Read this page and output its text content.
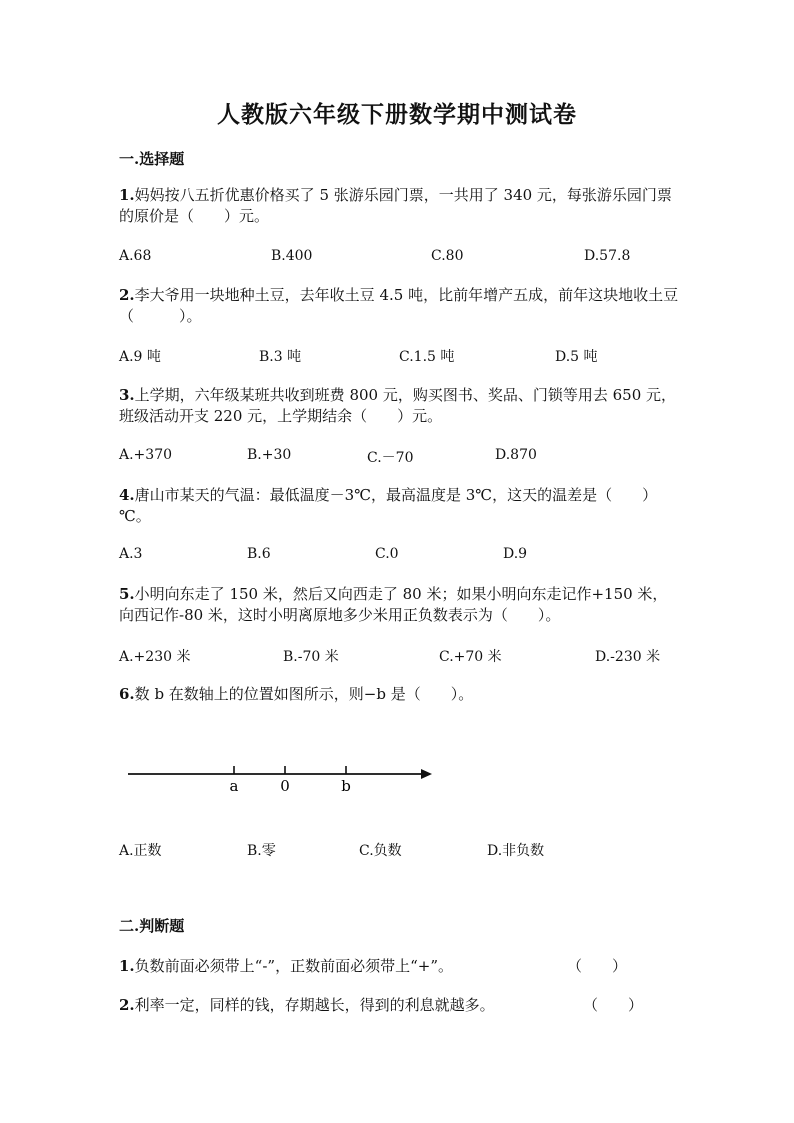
人教版六年级下册数学期中测试卷
一.选择题
1.妈妈按八五折优惠价格买了 5 张游乐园门票，一共用了 340 元，每张游乐园门票的原价是（　　）元。
A.68	B.400	C.80	D.57.8
2.李大爷用一块地种土豆，去年收土豆 4.5 吨，比前年增产五成，前年这块地收土豆（　　　）。
A.9 吨	B.3 吨	C.1.5 吨	D.5 吨
3.上学期，六年级某班共收到班费 800 元，购买图书、奖品、门锁等用去 650 元，班级活动开支 220 元，上学期结余（　　）元。
A.+370	B.+30	C.－70	D.870
4.唐山市某天的气温：最低温度－3℃，最高温度是 3℃，这天的温差是（　　）℃。
A.3	B.6	C.0	D.9
5.小明向东走了 150 米，然后又向西走了 80 米；如果小明向东走记作+150 米，向西记作-80 米，这时小明离原地多少米用正负数表示为（　　）。
A.+230 米	B.-70 米	C.+70 米	D.-230 米
6.数 b 在数轴上的位置如图所示，则−b 是（　　）。
a	0	b
A.正数	B.零	C.负数	D.非负数
二.判断题
1.负数前面必须带上“-”，正数前面必须带上“+”。	（　　）
2.利率一定，同样的钱，存期越长，得到的利息就越多。	（　　）
